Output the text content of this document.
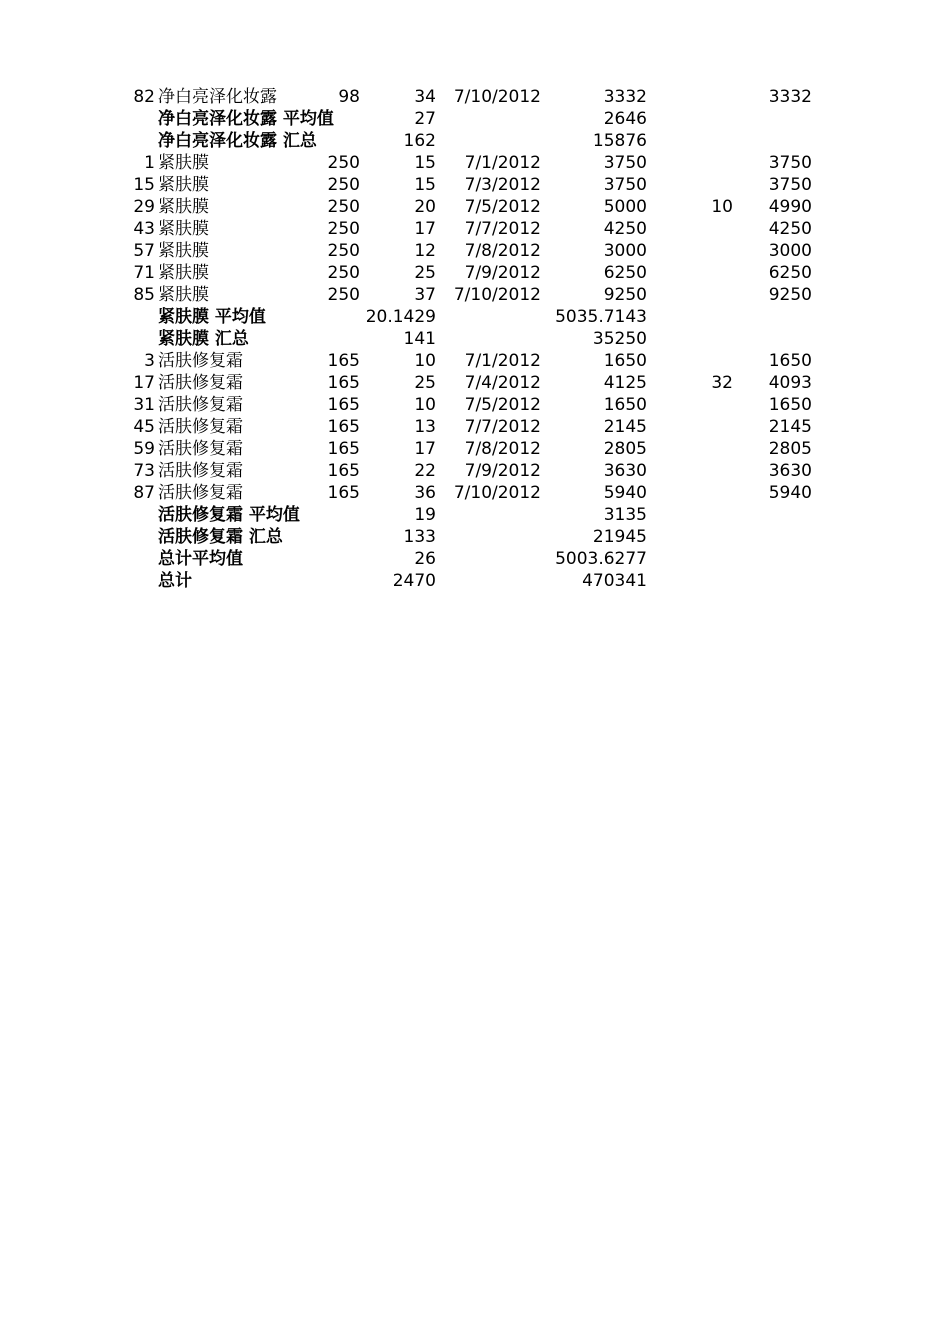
82 净白亮泽化妆露	98	34 7/10/2012	3332	3332
净白亮泽化妆露 平均值	27	2646
净白亮泽化妆露 汇总	162	15876
1 紧肤膜	250	15 7/1/2012	3750	3750
15 紧肤膜	250	15 7/3/2012	3750	3750
29 紧肤膜	250	20 7/5/2012	5000	10 4990
43 紧肤膜	250	17 7/7/2012	4250	4250
57 紧肤膜	250	12 7/8/2012	3000	3000
71 紧肤膜	250	25 7/9/2012	6250	6250
85 紧肤膜	250	37 7/10/2012	9250	9250
紧肤膜 平均值	20.1429	5035.7143
紧肤膜 汇总	141	35250
3 活肤修复霜	165	10 7/1/2012	1650	1650
17 活肤修复霜	165	25 7/4/2012	4125	32 4093
31 活肤修复霜	165	10 7/5/2012	1650	1650
45 活肤修复霜	165	13 7/7/2012	2145	2145
59 活肤修复霜	165	17 7/8/2012	2805	2805
73 活肤修复霜	165	22 7/9/2012	3630	3630
87 活肤修复霜	165	36 7/10/2012	5940	5940
活肤修复霜 平均值	19	3135
活肤修复霜 汇总	133	21945
总计平均值	26	5003.6277
总计	2470	470341
